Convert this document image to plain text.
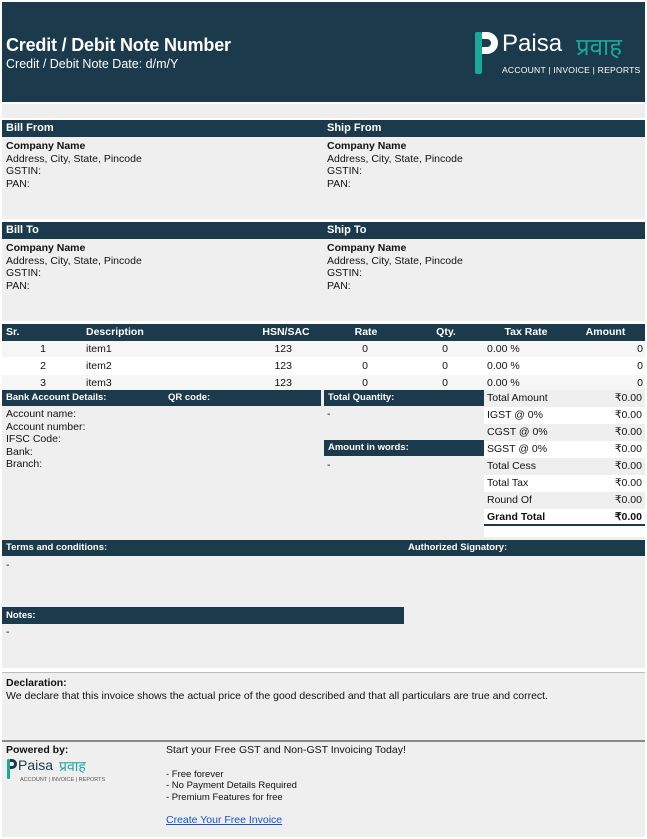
Credit / Debit Note Number
Credit / Debit Note Date: d/m/Y
Paisa प्रवाह
ACCOUNT | INVOICE | REPORTS
Bill From	Ship From
Company Name
Address, City, State, Pincode
GSTIN:
PAN:
Company Name
Address, City, State, Pincode
GSTIN:
PAN:
Bill To	Ship To
Company Name
Address, City, State, Pincode
GSTIN:
PAN:
Company Name
Address, City, State, Pincode
GSTIN:
PAN:
Sr.	Description	HSN/SAC	Rate	Qty.	Tax Rate	Amount
1	item1	123	0	0	0.00 %	0
2	item2	123	0	0	0.00 %	0
3	item3	123	0	0	0.00 %	0
Bank Account Details:	QR code:
Account name:
Account number:
IFSC Code:
Bank:
Branch:
Total Quantity:
-
Amount in words:
-
Total Amount	₹0.00
IGST @ 0%	₹0.00
CGST @ 0%	₹0.00
SGST @ 0%	₹0.00
Total Cess	₹0.00
Total Tax	₹0.00
Round Of	₹0.00
Grand Total	₹0.00
Terms and conditions:	Authorized Signatory:
-
Notes:
-
Declaration:
We declare that this invoice shows the actual price of the good described and that all particulars are true and correct.
Powered by:
Paisa प्रवाह
ACCOUNT | INVOICE | REPORTS
Start your Free GST and Non-GST Invoicing Today!
- Free forever
- No Payment Details Required
- Premium Features for free
Create Your Free Invoice
